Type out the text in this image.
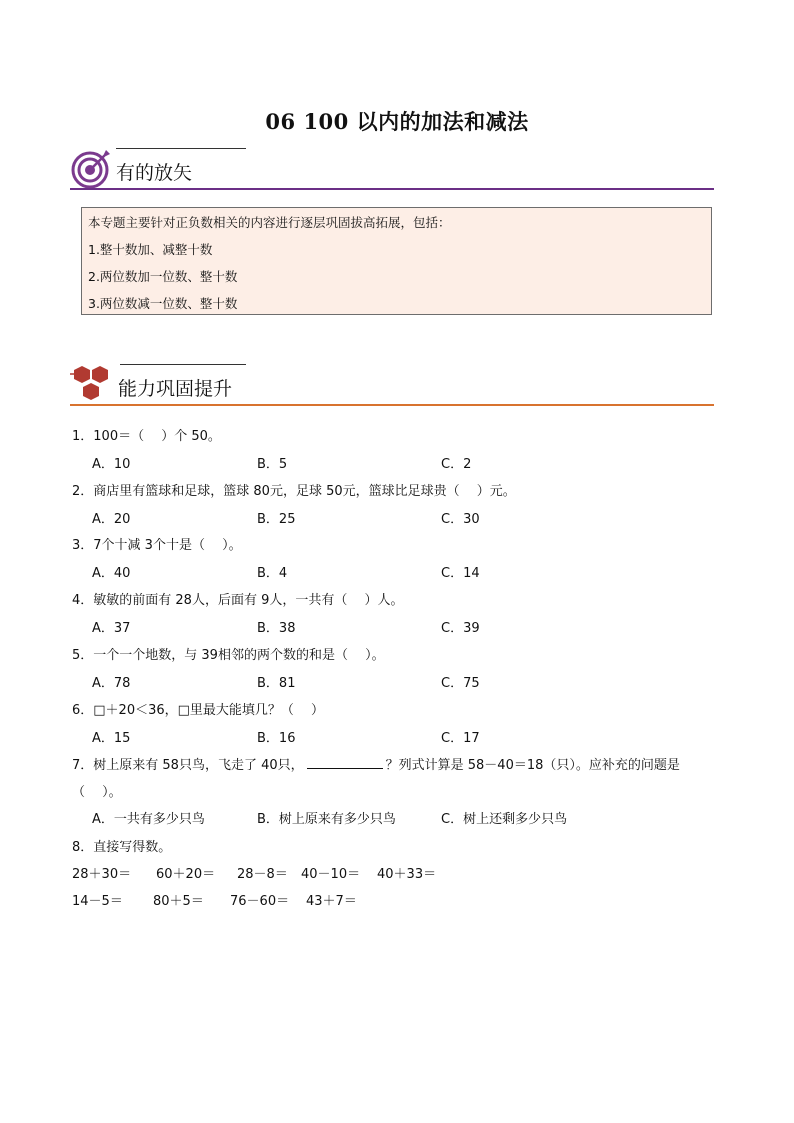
06 100 以内的加法和减法
有的放矢
本专题主要针对正负数相关的内容进行逐层巩固拔高拓展，包括：
1.整十数加、减整十数
2.两位数加一位数、整十数
3.两位数减一位数、整十数
能力巩固提升
1．100＝（　 ）个 50。
A．10	B．5	C．2
2．商店里有篮球和足球，篮球 80元，足球 50元，篮球比足球贵（　 ）元。
A．20	B．25	C．30
3．7个十减 3个十是（　 ）。
A．40	B．4	C．14
4．敏敏的前面有 28人，后面有 9人，一共有（　 ）人。
A．37	B．38	C．39
5．一个一个地数，与 39相邻的两个数的和是（　 ）。
A．78	B．81	C．75
6．□＋20＜36，□里最大能填几？（　 ）
A．15	B．16	C．17
7．树上原来有 58只鸟，飞走了 40只，	？列式计算是 58－40＝18（只）。应补充的问题是
（　 ）。
A．一共有多少只鸟	B．树上原来有多少只鸟	C．树上还剩多少只鸟
8．直接写得数。
28＋30＝ 60＋20＝ 28－8＝ 40－10＝ 40＋33＝
14－5＝ 80＋5＝ 76－60＝ 43＋7＝
